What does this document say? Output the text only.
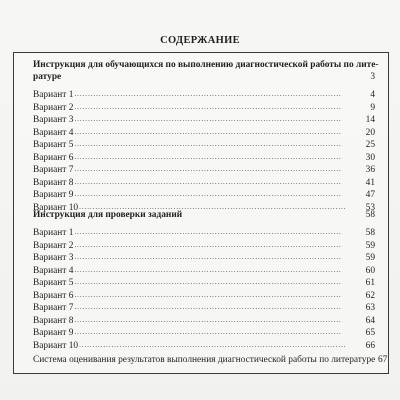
СОДЕРЖАНИЕ
Инструкция для обучающихся по выполнению диагностической работы по лите-
ратуре	3
Вариант 1 . . .	4
Вариант 2 . . .	9
Вариант 3 . . .	14
Вариант 4 . . .	20
Вариант 5 . . .	25
Вариант 6 . . .	30
Вариант 7 . . .	36
Вариант 8 . . .	41
Вариант 9 . . .	47
Вариант 10 . . .	53
Инструкция для проверки заданий	58
Вариант 1 . . .	58
Вариант 2 . . .	59
Вариант 3 . . .	59
Вариант 4 . . .	60
Вариант 5 . . .	61
Вариант 6 . . .	62
Вариант 7 . . .	63
Вариант 8 . . .	64
Вариант 9 . . .	65
Вариант 10 . . .	66
Система оценивания результатов выполнения диагностической работы по литературе 67
